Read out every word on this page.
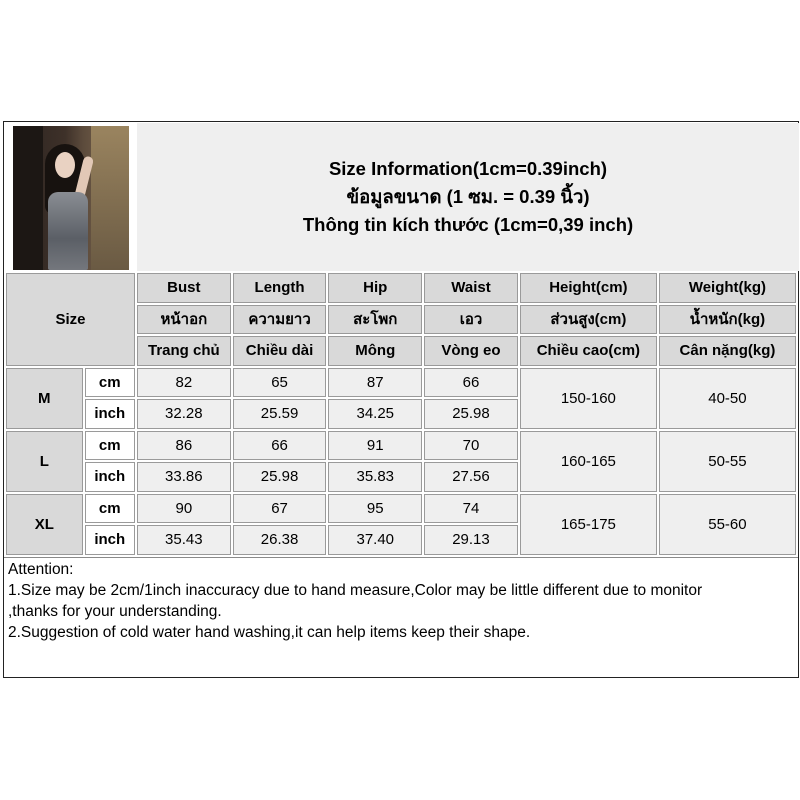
Size Information(1cm=0.39inch)
ข้อมูลขนาด (1 ซม. = 0.39 นิ้ว)
Thông tin kích thước (1cm=0,39 inch)
Size		Bust	Length	Hip	Waist	Height(cm)	Weight(kg)
		หน้าอก	ความยาว	สะโพก	เอว	ส่วนสูง(cm)	น้ำหนัก(kg)
		Trang chủ	Chiều dài	Mông	Vòng eo	Chiều cao(cm)	Cân nặng(kg)
M	cm	82	65	87	66	150-160	40-50
	inch	32.28	25.59	34.25	25.98		
L	cm	86	66	91	70	160-165	50-55
	inch	33.86	25.98	35.83	27.56		
XL	cm	90	67	95	74	165-175	55-60
	inch	35.43	26.38	37.40	29.13		
Attention:
1.Size may be 2cm/1inch inaccuracy due to hand measure,Color may be little different due to monitor
,thanks for your understanding.
2.Suggestion of cold water hand washing,it can help items keep their shape.
